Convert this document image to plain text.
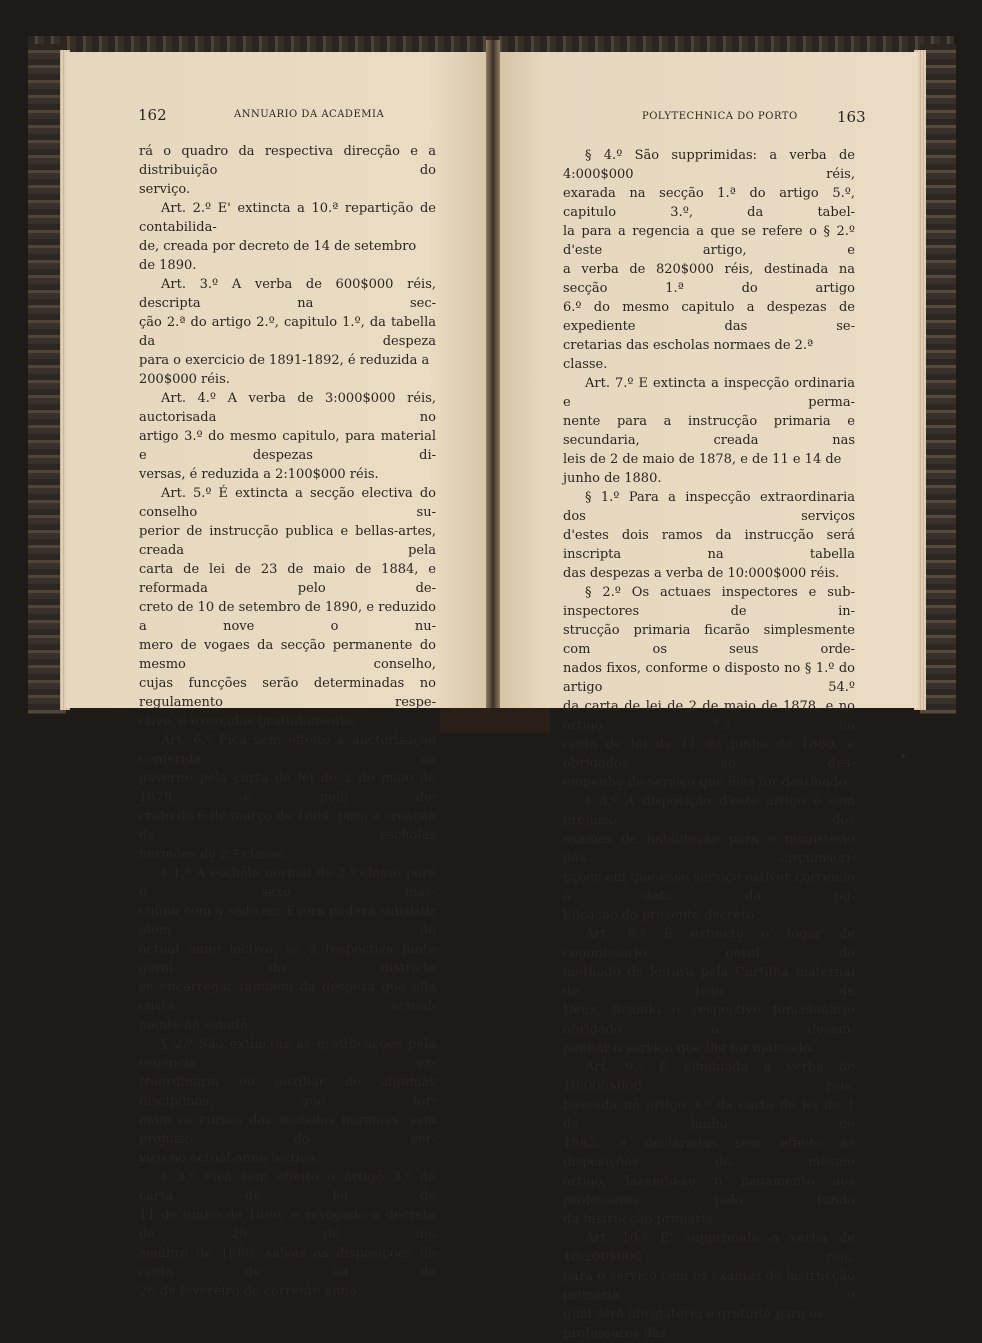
162	ANNUARIO DA ACADEMIA

rá o quadro da respectiva direcção e a distribuição do

serviço.

Art. 2.º E' extincta a 10.ª repartição de contabilida-

de, creada por decreto de 14 de setembro de 1890.

Art. 3.º A verba de 600$000 réis, descripta na sec-

ção 2.ª do artigo 2.º, capitulo 1.º, da tabella da despeza

para o exercicio de 1891-1892, é reduzida a 200$000 réis.

Art. 4.º A verba de 3:000$000 réis, auctorisada no

artigo 3.º do mesmo capitulo, para material e despezas di-

versas, é reduzida a 2:100$000 réis.

Art. 5.º É extincta a secção electiva do conselho su-

perior de instrucção publica e bellas-artes, creada pela

carta de lei de 23 de maio de 1884, e reformada pelo de-

creto de 10 de setembro de 1890, e reduzido a nove o nu-

mero de vogaes da secção permanente do mesmo conselho,

cujas funcções serão determinadas no regulamento respe-

ctivo, e exercidas gratuitamente.

Art. 6.º Fica sem effeito a auctorisação conferida ao

governo pela carta de lei de 2 de maio de 1878, e pelo de-

creto de 6 de março de 1884, para a creação de escholas

normaes de 2.ª classe.

§ 1.º A eschola normal de 2.ª classe para o sexo mas-

culino com a séde em Evora poderá subsistir além do

actual anno lectivo, se a respectiva junta geral do districto

se encarregar tambem da despeza que ella custa actual-

mente ao estado.

§ 2.º São extinctas as gratificações pela regencia ex-

traordinaria ou auxiliar de algumas disciplinas, que for-

mam os cursos das escholas normaes, sem prejuizo do ser-

viço no actual anno lectivo.

§ 3.º Fica sem effeito o artigo 3.º da carta de lei de

11 de junho de 1880, e revogado o decreto de 29 de de-

zembro de 1886, salvas as disposições da carta de lei de

26 de fevereiro do corrente anno.

POLYTECHNICA DO PORTO	163

§ 4.º São supprimidas: a verba de 4:000$000 réis,

exarada na secção 1.ª do artigo 5.º, capitulo 3.º, da tabel-

la para a regencia a que se refere o § 2.º d'este artigo, e

a verba de 820$000 réis, destinada na secção 1.ª do artigo

6.º do mesmo capitulo a despezas de expediente das se-

cretarias das escholas normaes de 2.ª classe.

Art. 7.º E extincta a inspecção ordinaria e perma-

nente para a instrucção primaria e secundaria, creada nas

leis de 2 de maio de 1878, e de 11 e 14 de junho de 1880.

§ 1.º Para a inspecção extraordinaria dos serviços

d'estes dois ramos da instrucção será inscripta na tabella

das despezas a verba de 10:000$000 réis.

§ 2.º Os actuaes inspectores e sub-inspectores de in-

strucção primaria ficarão simplesmente com os seus orde-

nados fixos, conforme o disposto no § 1.º do artigo 54.º

da carta de lei de 2 de maio de 1878, e no artigo 7.º da

carta de lei de 11 de junho de 1880, e obrigados ao des-

empenho do serviço que lhes for destinado.

§ 3.º A disposição d'este artigo é sem prejuizo dos

exames de habilitação para o magisterio nas circumscri-

pções em que esse serviço estiver correndo á data da pu-

blicação do presente decreto.

Art. 8.º É extincto o logar de commissario geral do

methodo de leitura pela Cartilha maternal de João de

Deus, ficando o respectivo funccionario obrigado a desem-

penhar o serviço que lhe for marcado.

Art. 9.º É eliminada a verba de 10:000$000 réis,

baseada no artigo 3.º da carta de lei de 1 de junho de

1882, e declaradas sem effeito as disposições do mesmo

artigo, fazendo-se o pagamento aos professores pelo fundo

da instrucção primaria.

Art. 10.º E' supprimida a verba de 10:200$000 réis,

para o serviço com os exames de instrucção primaria, o

qual será obrigatorio e gratuito para os professores das
